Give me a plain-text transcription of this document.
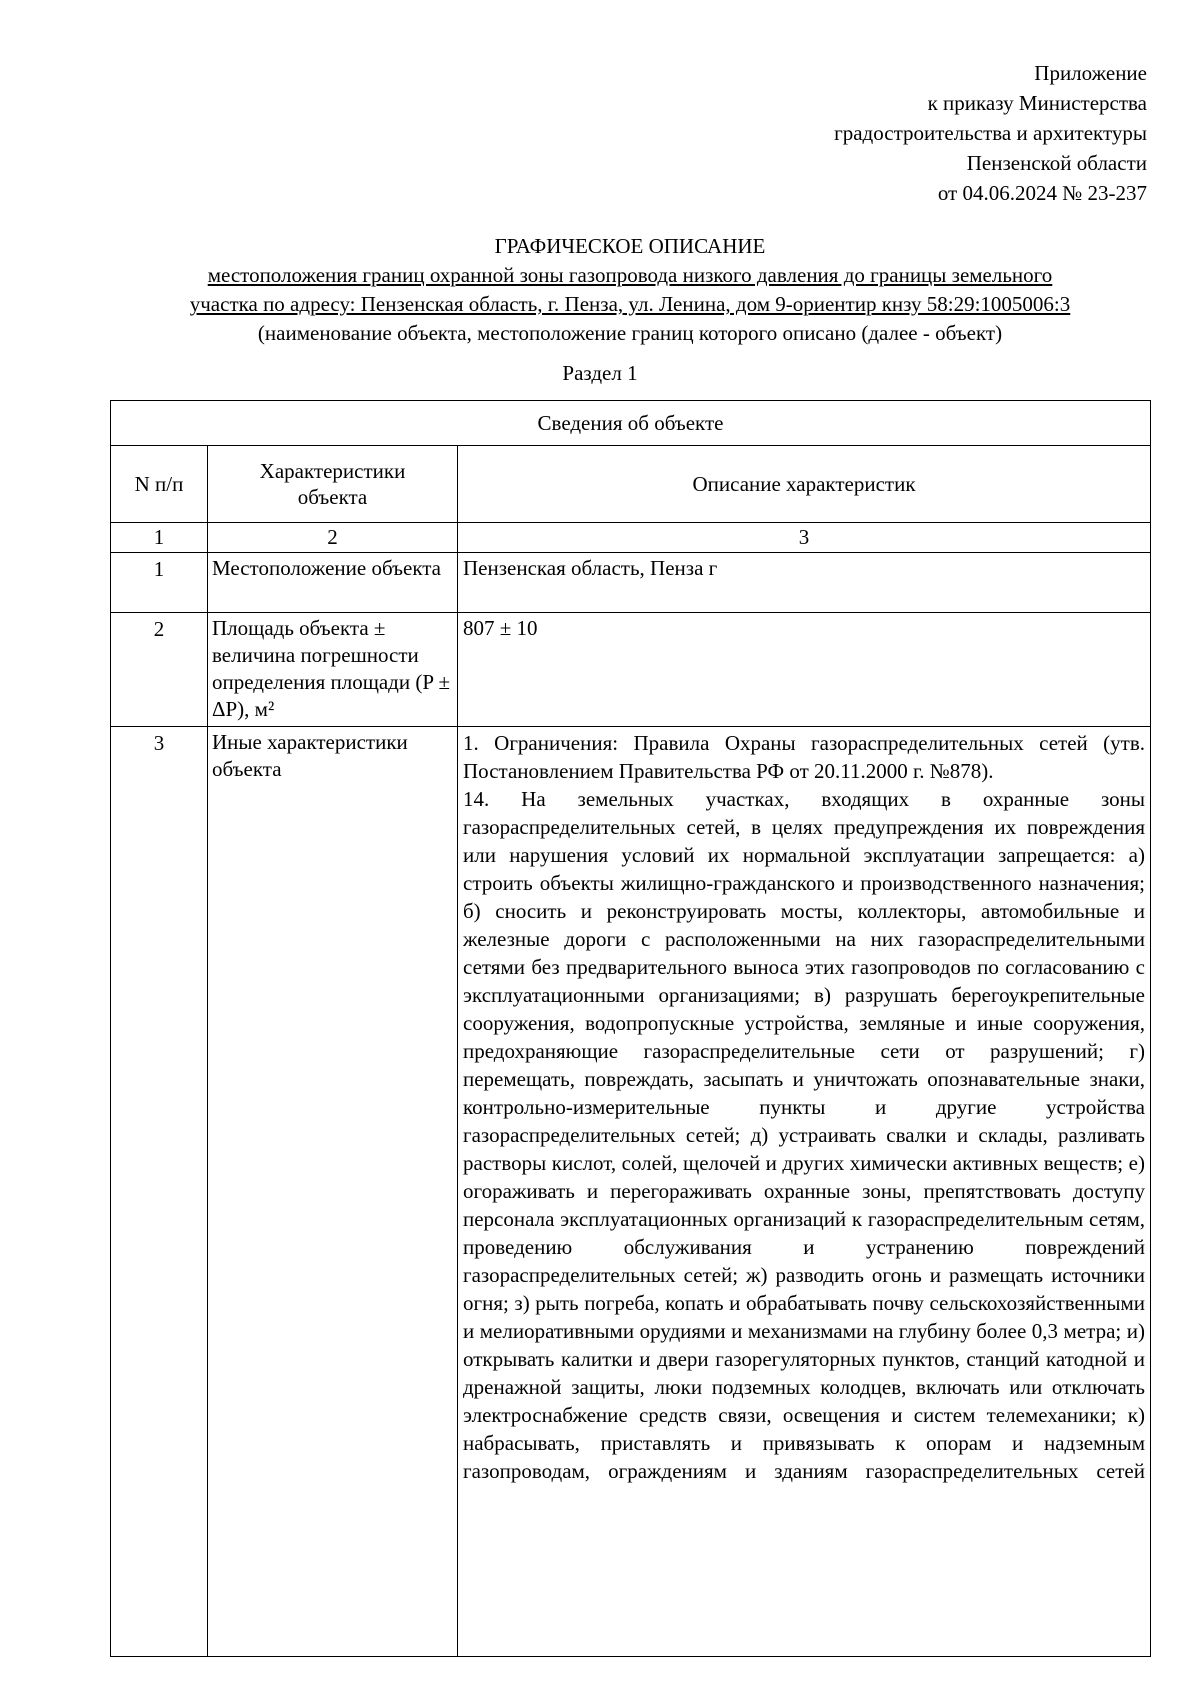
Приложение
к приказу Министерства
градостроительства и архитектуры
Пензенской области
от 04.06.2024 № 23-237
ГРАФИЧЕСКОЕ ОПИСАНИЕ
местоположения границ охранной зоны газопровода низкого давления до границы земельного
участка по адресу: Пензенская область, г. Пенза, ул. Ленина, дом 9-ориентир кнзу 58:29:1005006:3
(наименование объекта, местоположение границ которого описано (далее - объект)
Раздел 1
Сведения об объекте		
N п/п	Характеристики объекта	Описание характеристик
1	2	3
1	Местоположение объекта	Пензенская область, Пенза г
2	Площадь объекта ± величина погрешности определения площади (P ± ΔP), м²	807 ± 10
3	Иные характеристики объекта	1. Ограничения: Правила Охраны газораспределительных сетей (утв. Постановлением Правительства РФ от 20.11.2000 г. №878).

14. На земельных участках, входящих в охранные зоны газораспределительных сетей, в целях предупреждения их повреждения или нарушения условий их нормальной эксплуатации запрещается: а) строить объекты жилищно-гражданского и производственного назначения; б) сносить и реконструировать мосты, коллекторы, автомобильные и железные дороги с расположенными на них газораспределительными сетями без предварительного выноса этих газопроводов по согласованию с эксплуатационными организациями; в) разрушать берегоукрепительные сооружения, водопропускные устройства, земляные и иные сооружения, предохраняющие газораспределительные сети от разрушений; г) перемещать, повреждать, засыпать и уничтожать опознавательные знаки, контрольно-измерительные пункты и другие устройства газораспределительных сетей; д) устраивать свалки и склады, разливать растворы кислот, солей, щелочей и других химически активных веществ; е) огораживать и перегораживать охранные зоны, препятствовать доступу персонала эксплуатационных организаций к газораспределительным сетям, проведению обслуживания и устранению повреждений газораспределительных сетей; ж) разводить огонь и размещать источники огня; з) рыть погреба, копать и обрабатывать почву сельскохозяйственными и мелиоративными орудиями и механизмами на глубину более 0,3 метра; и) открывать калитки и двери газорегуляторных пунктов, станций катодной и дренажной защиты, люки подземных колодцев, включать или отключать электроснабжение средств связи, освещения и систем телемеханики; к) набрасывать, приставлять и привязывать к опорам и надземным газопроводам, ограждениям и зданиям газораспределительных сетей
